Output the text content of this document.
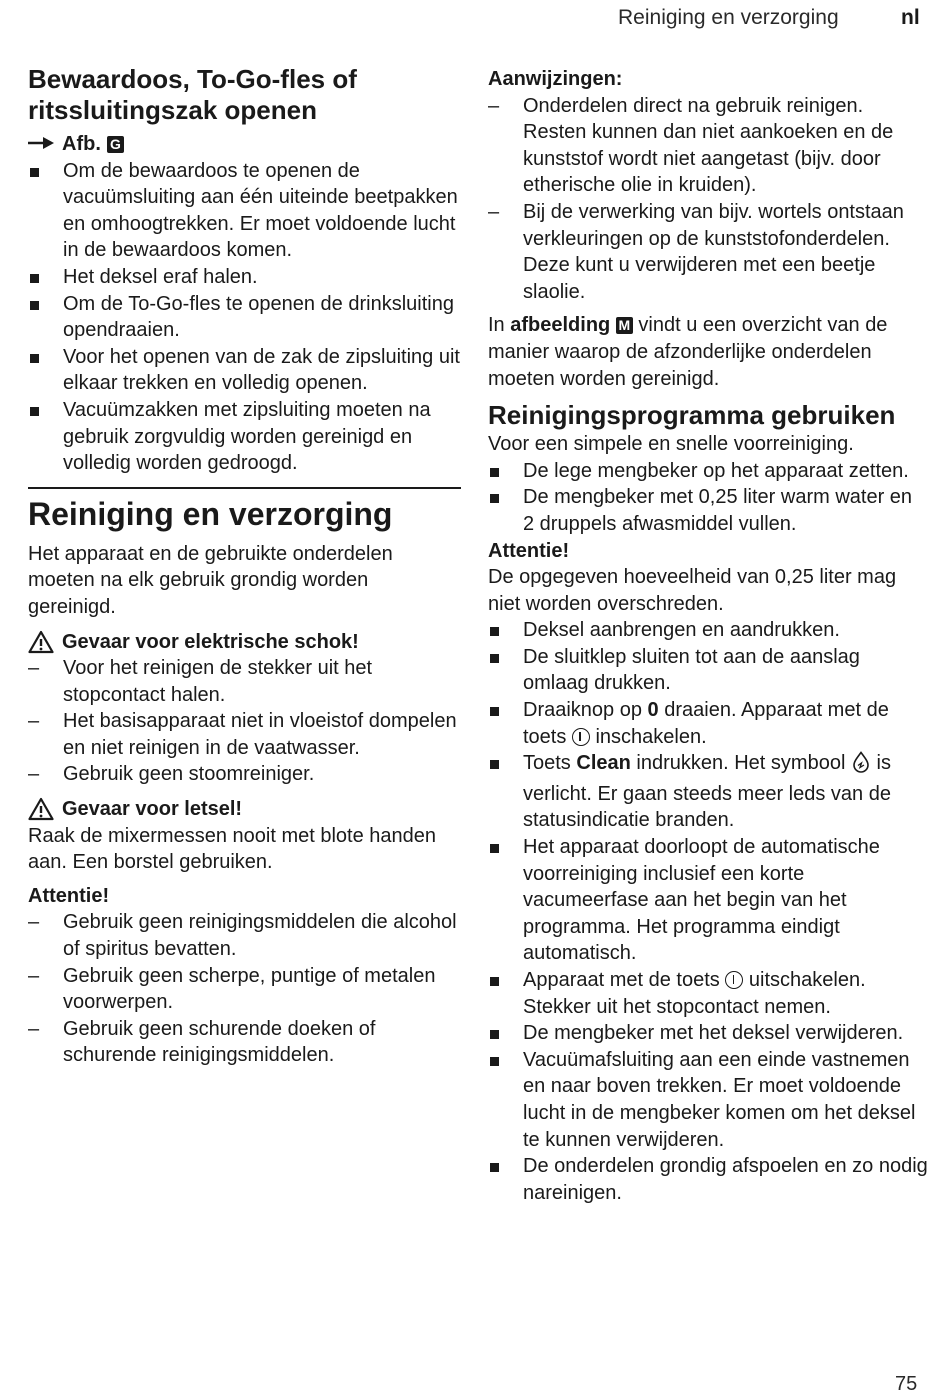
Reiniging en verzorging	nl
Bewaardoos, To-Go-fles of ritssluitingszak openen
Afb. G
Om de bewaardoos te openen de vacuümsluiting aan één uiteinde beetpakken en omhoogtrekken. Er moet voldoende lucht in de bewaardoos komen.
Het deksel eraf halen.
Om de To-Go-fles te openen de drinksluiting opendraaien.
Voor het openen van de zak de zipsluiting uit elkaar trekken en volledig openen.
Vacuümzakken met zipsluiting moeten na gebruik zorgvuldig worden gereinigd en volledig worden gedroogd.
Reiniging en verzorging

Het apparaat en de gebruikte onderdelen moeten na elk gebruik grondig worden gereinigd.

Gevaar voor elektrische schok!
–	Voor het reinigen de stekker uit het stopcontact halen.
–	Het basisapparaat niet in vloeistof dompelen en niet reinigen in de vaatwasser.
–	Gebruik geen stoomreiniger.
Gevaar voor letsel!

Raak de mixermessen nooit met blote handen aan. Een borstel gebruiken.

Attentie!
–	Gebruik geen reinigingsmiddelen die alcohol of spiritus bevatten.
–	Gebruik geen scherpe, puntige of metalen voorwerpen.
–	Gebruik geen schurende doeken of schurende reinigingsmiddelen.
Aanwijzingen:
–	Onderdelen direct na gebruik reinigen. Resten kunnen dan niet aankoeken en de kunststof wordt niet aangetast (bijv. door etherische olie in kruiden).
–	Bij de verwerking van bijv. wortels ontstaan verkleuringen op de kunststofonderdelen. Deze kunt u verwijderen met een beetje slaolie.

In afbeelding M vindt u een overzicht van de manier waarop de afzonderlijke onderdelen moeten worden gereinigd.

Reinigingsprogramma gebruiken

Voor een simpele en snelle voorreiniging.

De lege mengbeker op het apparaat zetten.
De mengbeker met 0,25 liter warm water en 2 druppels afwasmiddel vullen.
Attentie!

De opgegeven hoeveelheid van 0,25 liter mag niet worden overschreden.

Deksel aanbrengen en aandrukken.
De sluitklep sluiten tot aan de aanslag omlaag drukken.
Draaiknop op 0 draaien. Apparaat met de toets inschakelen.
Toets Clean indrukken. Het symbool is verlicht. Er gaan steeds meer leds van de statusindicatie branden.
Het apparaat doorloopt de automatische voorreiniging inclusief een korte vacumeerfase aan het begin van het programma. Het programma eindigt automatisch.
Apparaat met de toets uitschakelen. Stekker uit het stopcontact nemen.
De mengbeker met het deksel verwijderen.
Vacuümafsluiting aan een einde vastnemen en naar boven trekken. Er moet voldoende lucht in de mengbeker komen om het deksel te kunnen verwijderen.
De onderdelen grondig afspoelen en zo nodig nareinigen.
75
